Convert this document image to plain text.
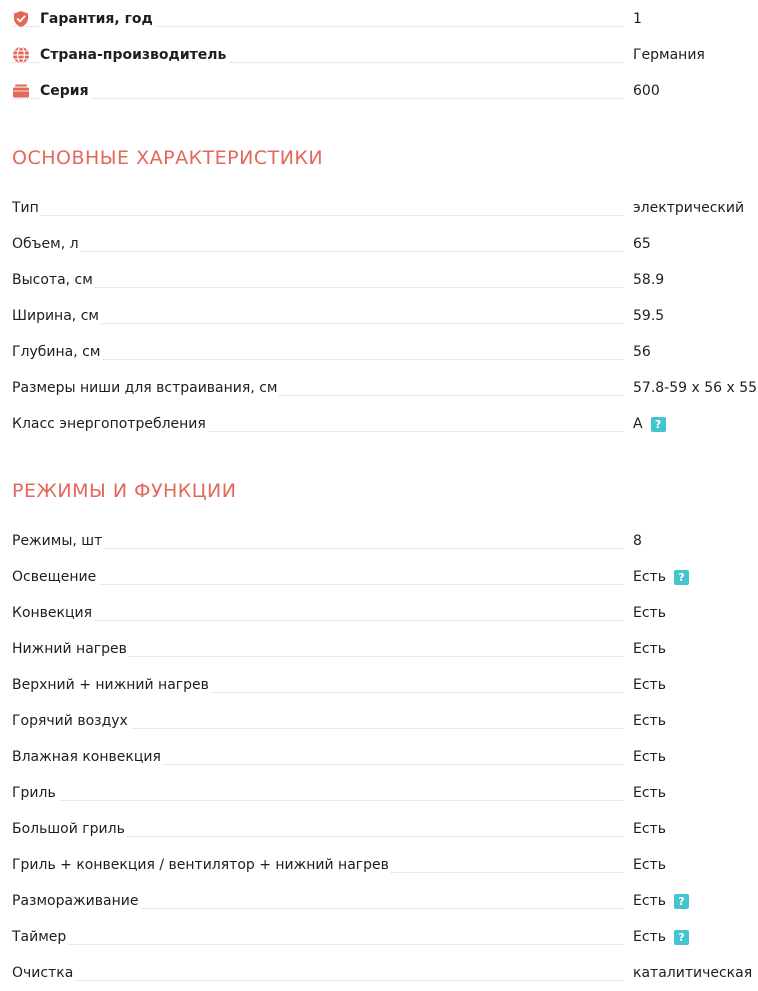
Гарантия, год	1
Страна-производитель	Германия
Серия	600
ОСНОВНЫЕ ХАРАКТЕРИСТИКИ
Тип	электрический
Объем, л	65
Высота, см	58.9
Ширина, см	59.5
Глубина, см	56
Размеры ниши для встраивания, см	57.8-59 x 56 x 55
Класс энергопотребления	А	?
РЕЖИМЫ И ФУНКЦИИ
Режимы, шт	8
Освещение	Есть	?
Конвекция	Есть
Нижний нагрев	Есть
Верхний + нижний нагрев	Есть
Горячий воздух	Есть
Влажная конвекция	Есть
Гриль	Есть
Большой гриль	Есть
Гриль + конвекция / вентилятор + нижний нагрев	Есть
Размораживание	Есть	?
Таймер	Есть	?
Очистка	каталитическая
